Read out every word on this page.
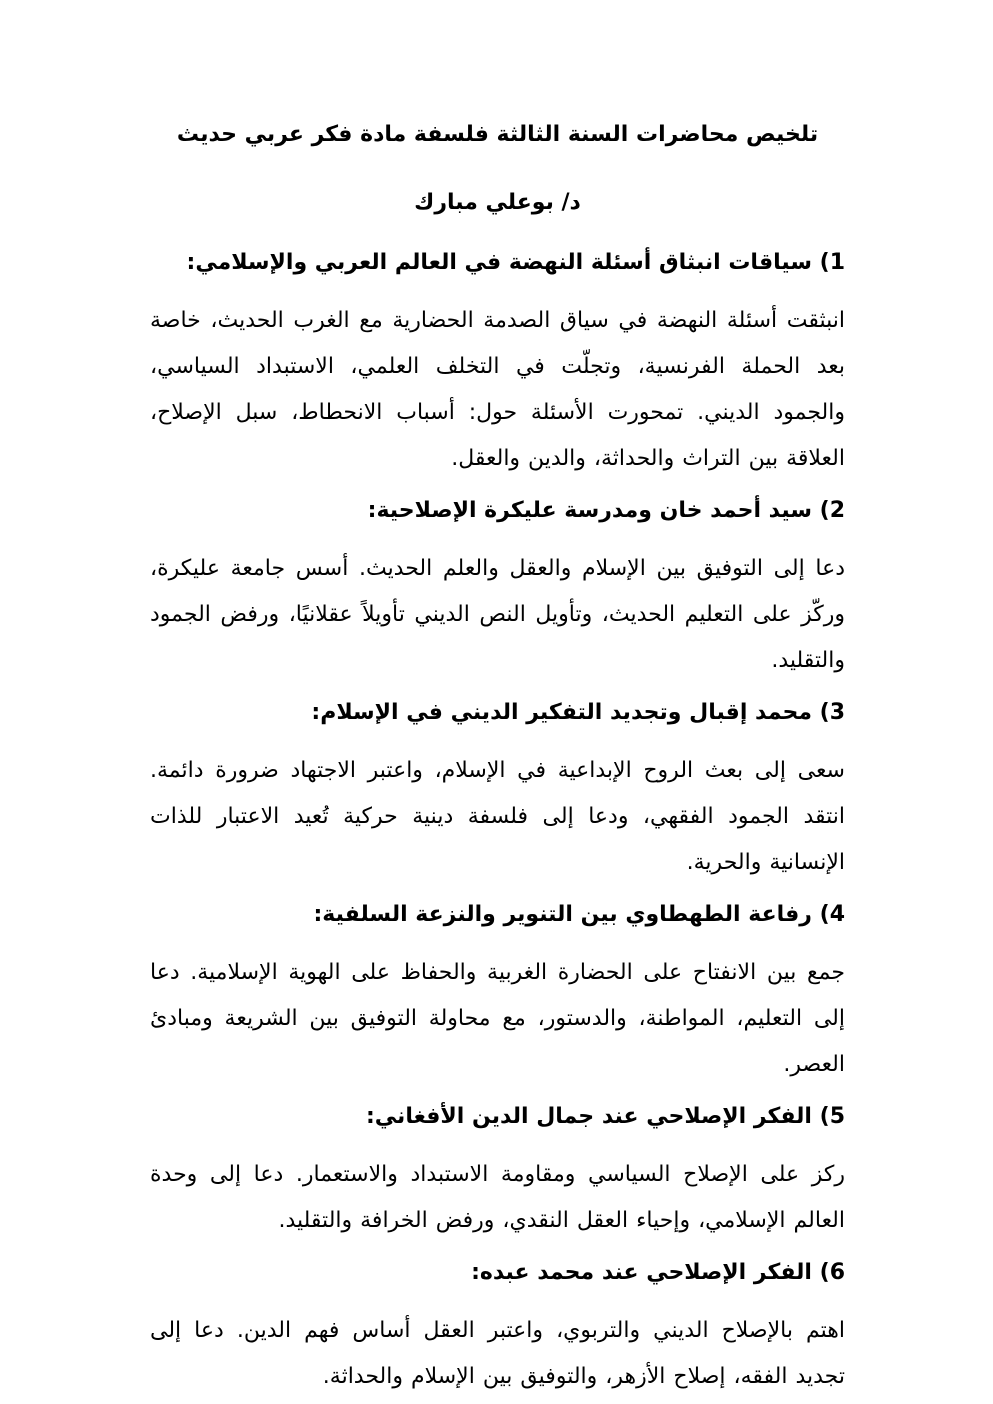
تلخيص محاضرات السنة الثالثة فلسفة مادة فكر عربي حديث

د/ بوعلي مبارك

1) سياقات انبثاق أسئلة النهضة في العالم العربي والإسلامي:

انبثقت أسئلة النهضة في سياق الصدمة الحضارية مع الغرب الحديث، خاصة بعد الحملة الفرنسية، وتجلّت في التخلف العلمي، الاستبداد السياسي، والجمود الديني. تمحورت الأسئلة حول: أسباب الانحطاط، سبل الإصلاح، العلاقة بين التراث والحداثة، والدين والعقل.

2) سيد أحمد خان ومدرسة عليكرة الإصلاحية:

دعا إلى التوفيق بين الإسلام والعقل والعلم الحديث. أسس جامعة عليكرة، وركّز على التعليم الحديث، وتأويل النص الديني تأويلاً عقلانيًا، ورفض الجمود والتقليد.

3) محمد إقبال وتجديد التفكير الديني في الإسلام:

سعى إلى بعث الروح الإبداعية في الإسلام، واعتبر الاجتهاد ضرورة دائمة. انتقد الجمود الفقهي، ودعا إلى فلسفة دينية حركية تُعيد الاعتبار للذات الإنسانية والحرية.

4) رفاعة الطهطاوي بين التنوير والنزعة السلفية:

جمع بين الانفتاح على الحضارة الغربية والحفاظ على الهوية الإسلامية. دعا إلى التعليم، المواطنة، والدستور، مع محاولة التوفيق بين الشريعة ومبادئ العصر.

5) الفكر الإصلاحي عند جمال الدين الأفغاني:

ركز على الإصلاح السياسي ومقاومة الاستبداد والاستعمار. دعا إلى وحدة العالم الإسلامي، وإحياء العقل النقدي، ورفض الخرافة والتقليد.

6) الفكر الإصلاحي عند محمد عبده:

اهتم بالإصلاح الديني والتربوي، واعتبر العقل أساس فهم الدين. دعا إلى تجديد الفقه، إصلاح الأزهر، والتوفيق بين الإسلام والحداثة.
